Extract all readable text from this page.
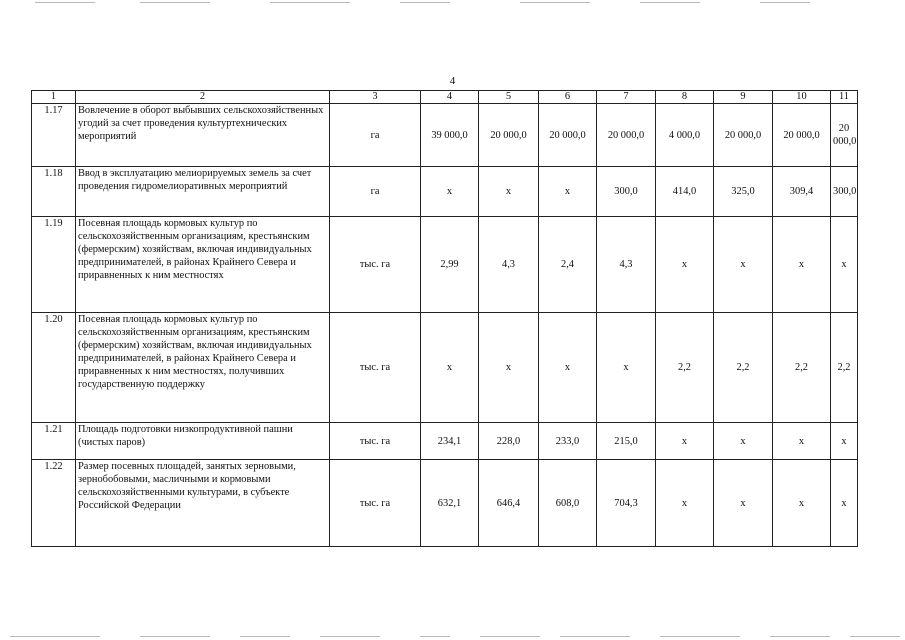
4
1	2	3	4	5	6	7	8	9	10	11
1.17	Вовлечение в оборот выбывших сельскохозяйственных угодий за счет проведения культуртехнических мероприятий	га	39 000,0	20 000,0	20 000,0	20 000,0	4 000,0	20 000,0	20 000,0	20 000,0
1.18	Ввод в эксплуатацию мелиорируемых земель за счет проведения гидромелиоративных мероприятий	га	x	x	x	300,0	414,0	325,0	309,4	300,0
1.19	Посевная площадь кормовых культур по сельскохозяйственным организациям, крестьянским (фермерским) хозяйствам, включая индивидуальных предпринимателей, в районах Крайнего Севера и приравненных к ним местностях	тыс. га	2,99	4,3	2,4	4,3	x	x	x	x
1.20	Посевная площадь кормовых культур по сельскохозяйственным организациям, крестьянским (фермерским) хозяйствам, включая индивидуальных предпринимателей, в районах Крайнего Севера и приравненных к ним местностях, получивших государственную поддержку	тыс. га	x	x	x	x	2,2	2,2	2,2	2,2
1.21	Площадь подготовки низкопродуктивной пашни (чистых паров)	тыс. га	234,1	228,0	233,0	215,0	x	x	x	x
1.22	Размер посевных площадей, занятых зерновыми, зернобобовыми, масличными и кормовыми сельскохозяйственными культурами, в субъекте Российской Федерации	тыс. га	632,1	646,4	608,0	704,3	x	x	x	x
